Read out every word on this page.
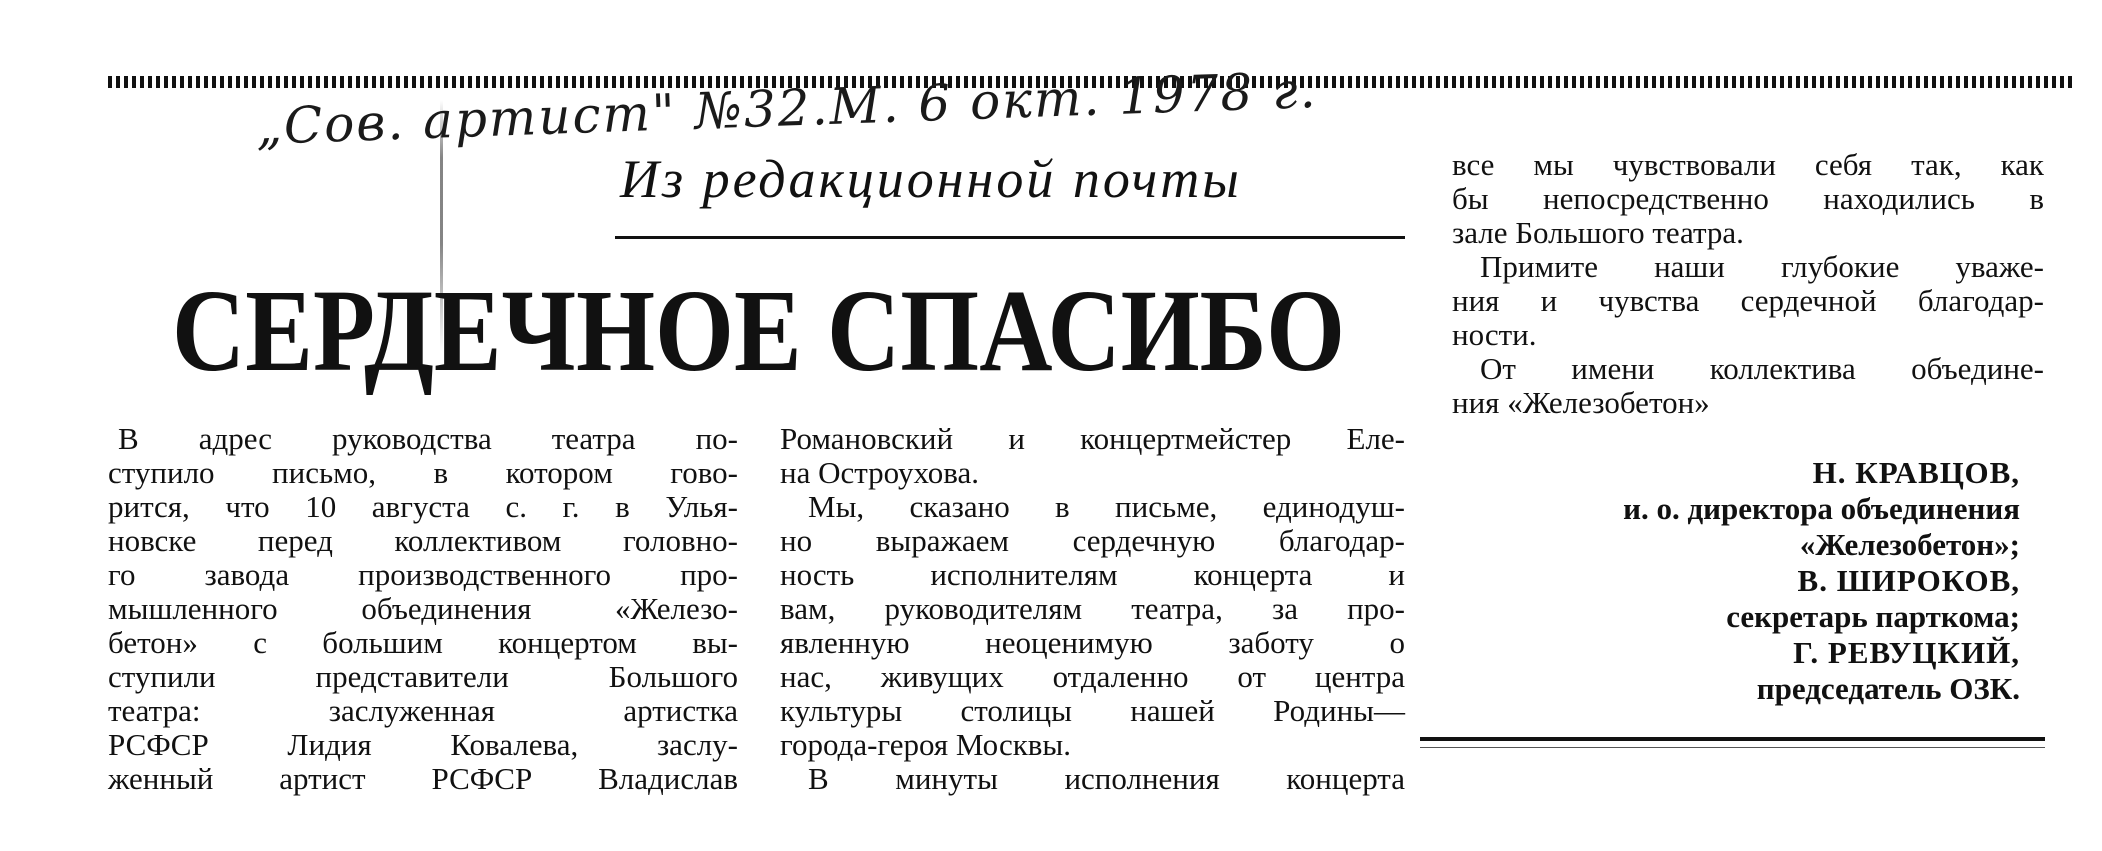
„Сов. артист" №32.М. 6 окт. 1978 г.
Из редакционной почты
СЕРДЕЧНОЕ СПАСИБО
В адрес руководства театра по-
ступило письмо, в котором гово-
рится, что 10 августа с. г. в Улья-
новске перед коллективом головно-
го завода производственного про-
мышленного объединения «Железо-
бетон» с большим концертом вы-
ступили представители Большого
театра: заслуженная артистка
РСФСР Лидия Ковалева, заслу-
женный артист РСФСР Владислав
Романовский и концертмейстер Еле-
на Остроухова.
Мы, сказано в письме, единодуш-
но выражаем сердечную благодар-
ность исполнителям концерта и
вам, руководителям театра, за про-
явленную неоценимую заботу о
нас, живущих отдаленно от центра
культуры столицы нашей Родины—
города-героя Москвы.
В минуты исполнения концерта
все мы чувствовали себя так, как
бы непосредственно находились в
зале Большого театра.
Примите наши глубокие уваже-
ния и чувства сердечной благодар-
ности.
От имени коллектива объедине-
ния «Железобетон»
Н. КРАВЦОВ,
и. о. директора объединения
«Железобетон»;
В. ШИРОКОВ,
секретарь парткома;
Г. РЕВУЦКИЙ,
председатель ОЗК.
